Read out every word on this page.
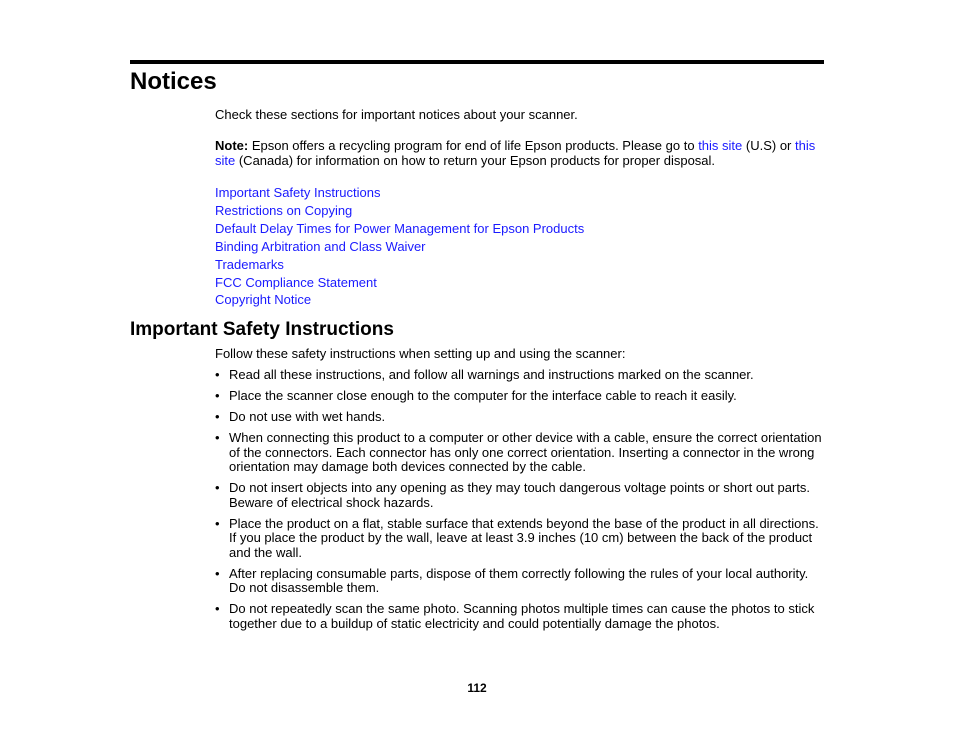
Notices
Check these sections for important notices about your scanner.
Note: Epson offers a recycling program for end of life Epson products. Please go to this site (U.S) or this site (Canada) for information on how to return your Epson products for proper disposal.
Important Safety Instructions
Restrictions on Copying
Default Delay Times for Power Management for Epson Products
Binding Arbitration and Class Waiver
Trademarks
FCC Compliance Statement
Copyright Notice
Important Safety Instructions
Follow these safety instructions when setting up and using the scanner:
• Read all these instructions, and follow all warnings and instructions marked on the scanner.
• Place the scanner close enough to the computer for the interface cable to reach it easily.
• Do not use with wet hands.
• When connecting this product to a computer or other device with a cable, ensure the correct orientation of the connectors. Each connector has only one correct orientation. Inserting a connector in the wrong orientation may damage both devices connected by the cable.
• Do not insert objects into any opening as they may touch dangerous voltage points or short out parts. Beware of electrical shock hazards.
• Place the product on a flat, stable surface that extends beyond the base of the product in all directions. If you place the product by the wall, leave at least 3.9 inches (10 cm) between the back of the product and the wall.
• After replacing consumable parts, dispose of them correctly following the rules of your local authority. Do not disassemble them.
• Do not repeatedly scan the same photo. Scanning photos multiple times can cause the photos to stick together due to a buildup of static electricity and could potentially damage the photos.
112
